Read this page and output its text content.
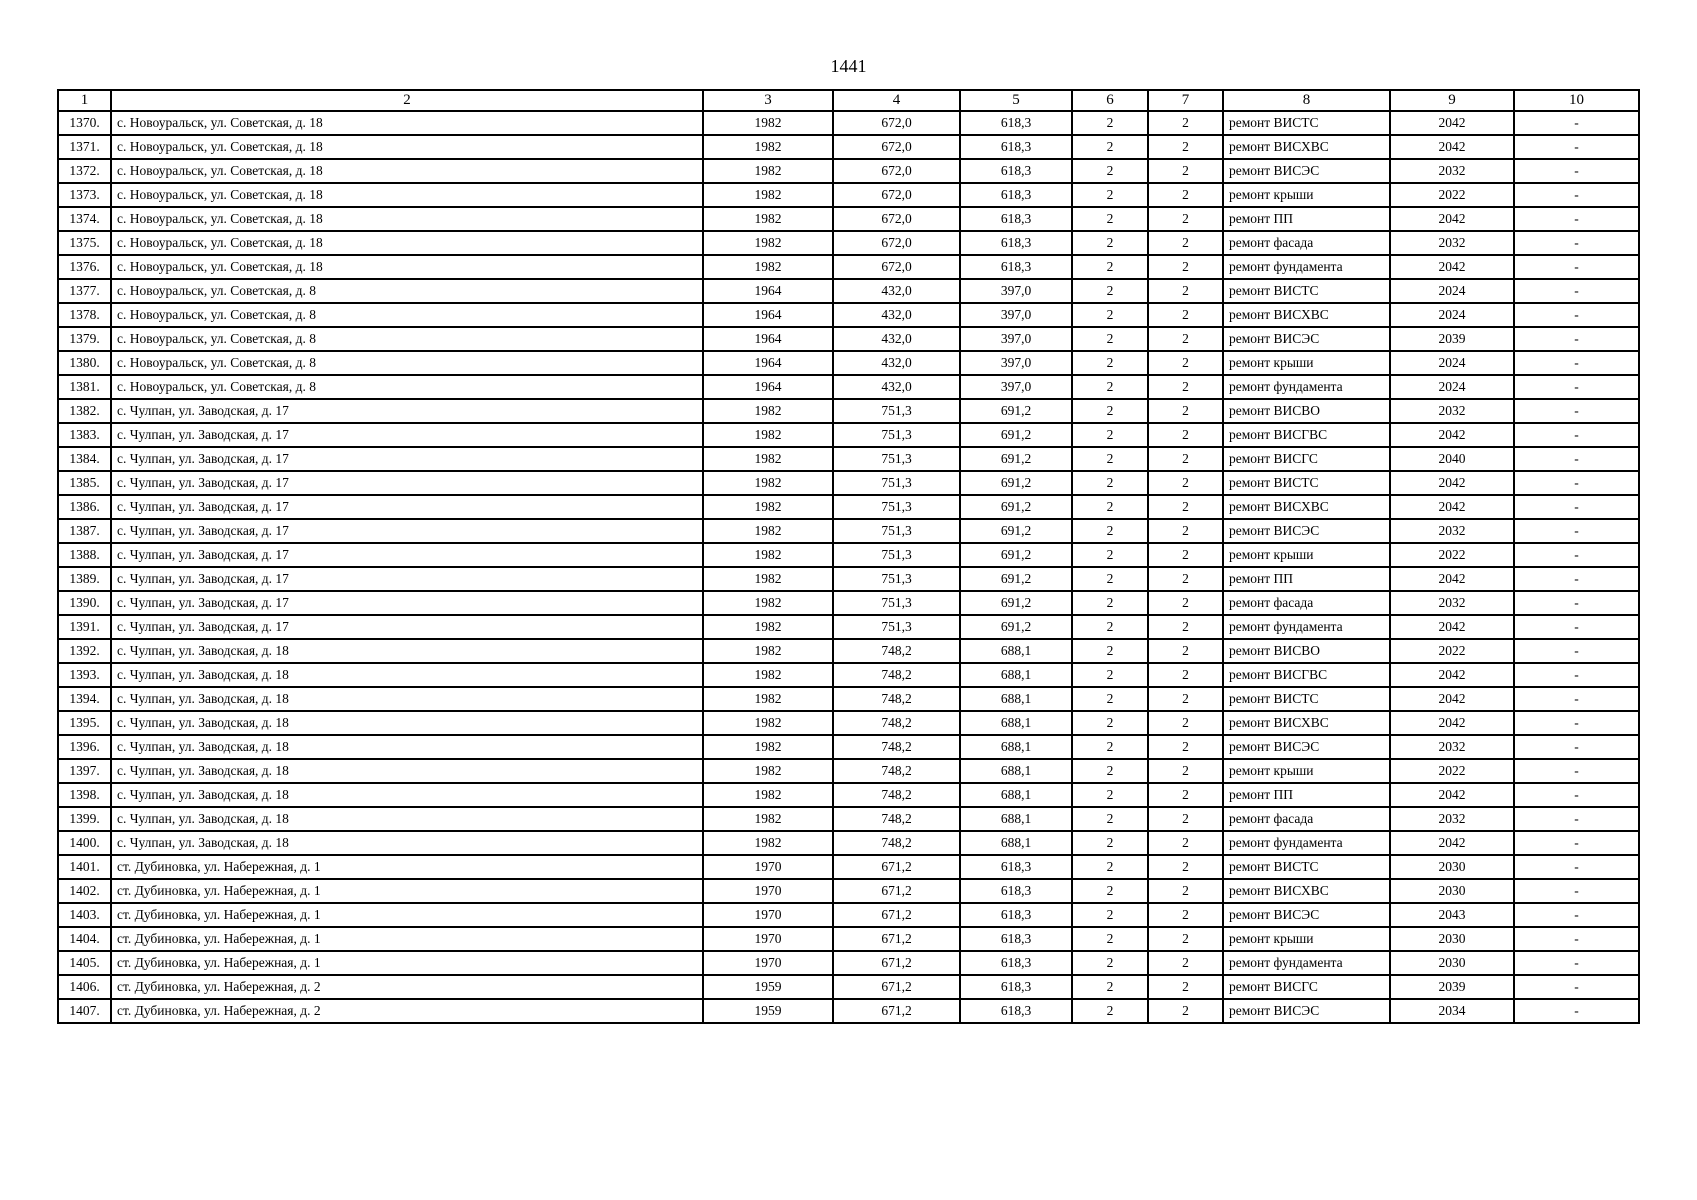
1441
1	2	3	4	5	6	7	8	9	10
1370.	с. Новоуральск, ул. Советская, д. 18	1982	672,0	618,3	2	2	ремонт ВИСТС	2042	-
1371.	с. Новоуральск, ул. Советская, д. 18	1982	672,0	618,3	2	2	ремонт ВИСХВС	2042	-
1372.	с. Новоуральск, ул. Советская, д. 18	1982	672,0	618,3	2	2	ремонт ВИСЭС	2032	-
1373.	с. Новоуральск, ул. Советская, д. 18	1982	672,0	618,3	2	2	ремонт крыши	2022	-
1374.	с. Новоуральск, ул. Советская, д. 18	1982	672,0	618,3	2	2	ремонт ПП	2042	-
1375.	с. Новоуральск, ул. Советская, д. 18	1982	672,0	618,3	2	2	ремонт фасада	2032	-
1376.	с. Новоуральск, ул. Советская, д. 18	1982	672,0	618,3	2	2	ремонт фундамента	2042	-
1377.	с. Новоуральск, ул. Советская, д. 8	1964	432,0	397,0	2	2	ремонт ВИСТС	2024	-
1378.	с. Новоуральск, ул. Советская, д. 8	1964	432,0	397,0	2	2	ремонт ВИСХВС	2024	-
1379.	с. Новоуральск, ул. Советская, д. 8	1964	432,0	397,0	2	2	ремонт ВИСЭС	2039	-
1380.	с. Новоуральск, ул. Советская, д. 8	1964	432,0	397,0	2	2	ремонт крыши	2024	-
1381.	с. Новоуральск, ул. Советская, д. 8	1964	432,0	397,0	2	2	ремонт фундамента	2024	-
1382.	с. Чулпан, ул. Заводская, д. 17	1982	751,3	691,2	2	2	ремонт ВИСВО	2032	-
1383.	с. Чулпан, ул. Заводская, д. 17	1982	751,3	691,2	2	2	ремонт ВИСГВС	2042	-
1384.	с. Чулпан, ул. Заводская, д. 17	1982	751,3	691,2	2	2	ремонт ВИСГС	2040	-
1385.	с. Чулпан, ул. Заводская, д. 17	1982	751,3	691,2	2	2	ремонт ВИСТС	2042	-
1386.	с. Чулпан, ул. Заводская, д. 17	1982	751,3	691,2	2	2	ремонт ВИСХВС	2042	-
1387.	с. Чулпан, ул. Заводская, д. 17	1982	751,3	691,2	2	2	ремонт ВИСЭС	2032	-
1388.	с. Чулпан, ул. Заводская, д. 17	1982	751,3	691,2	2	2	ремонт крыши	2022	-
1389.	с. Чулпан, ул. Заводская, д. 17	1982	751,3	691,2	2	2	ремонт ПП	2042	-
1390.	с. Чулпан, ул. Заводская, д. 17	1982	751,3	691,2	2	2	ремонт фасада	2032	-
1391.	с. Чулпан, ул. Заводская, д. 17	1982	751,3	691,2	2	2	ремонт фундамента	2042	-
1392.	с. Чулпан, ул. Заводская, д. 18	1982	748,2	688,1	2	2	ремонт ВИСВО	2022	-
1393.	с. Чулпан, ул. Заводская, д. 18	1982	748,2	688,1	2	2	ремонт ВИСГВС	2042	-
1394.	с. Чулпан, ул. Заводская, д. 18	1982	748,2	688,1	2	2	ремонт ВИСТС	2042	-
1395.	с. Чулпан, ул. Заводская, д. 18	1982	748,2	688,1	2	2	ремонт ВИСХВС	2042	-
1396.	с. Чулпан, ул. Заводская, д. 18	1982	748,2	688,1	2	2	ремонт ВИСЭС	2032	-
1397.	с. Чулпан, ул. Заводская, д. 18	1982	748,2	688,1	2	2	ремонт крыши	2022	-
1398.	с. Чулпан, ул. Заводская, д. 18	1982	748,2	688,1	2	2	ремонт ПП	2042	-
1399.	с. Чулпан, ул. Заводская, д. 18	1982	748,2	688,1	2	2	ремонт фасада	2032	-
1400.	с. Чулпан, ул. Заводская, д. 18	1982	748,2	688,1	2	2	ремонт фундамента	2042	-
1401.	ст. Дубиновка, ул. Набережная, д. 1	1970	671,2	618,3	2	2	ремонт ВИСТС	2030	-
1402.	ст. Дубиновка, ул. Набережная, д. 1	1970	671,2	618,3	2	2	ремонт ВИСХВС	2030	-
1403.	ст. Дубиновка, ул. Набережная, д. 1	1970	671,2	618,3	2	2	ремонт ВИСЭС	2043	-
1404.	ст. Дубиновка, ул. Набережная, д. 1	1970	671,2	618,3	2	2	ремонт крыши	2030	-
1405.	ст. Дубиновка, ул. Набережная, д. 1	1970	671,2	618,3	2	2	ремонт фундамента	2030	-
1406.	ст. Дубиновка, ул. Набережная, д. 2	1959	671,2	618,3	2	2	ремонт ВИСГС	2039	-
1407.	ст. Дубиновка, ул. Набережная, д. 2	1959	671,2	618,3	2	2	ремонт ВИСЭС	2034	-
